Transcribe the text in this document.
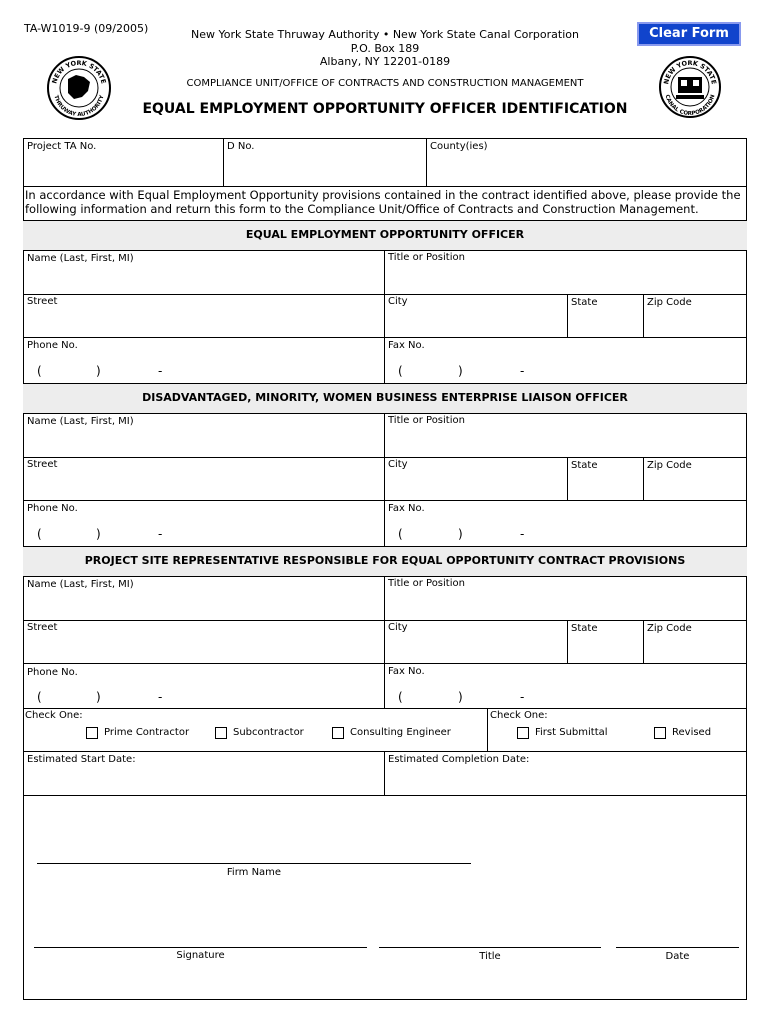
TA-W1019-9 (09/2005)	New York State Thruway Authority • New York State Canal Corporation
P.O. Box 189
Albany, NY 12201-0189
COMPLIANCE UNIT/OFFICE OF CONTRACTS AND CONSTRUCTION MANAGEMENT
EQUAL EMPLOYMENT OPPORTUNITY OFFICER IDENTIFICATION
Clear Form
NEW YORK STATE
THRUWAY AUTHORITY
NEW YORK STATE
CANAL CORPORATION
Project TA No.	D No.	County(ies)
In accordance with Equal Employment Opportunity provisions contained in the contract identified above, please provide the following information and return this form to the Compliance Unit/Office of Contracts and Construction Management.
EQUAL EMPLOYMENT OPPORTUNITY OFFICER
Name (Last, First, MI)	Title or Position
Street	City	State	Zip Code
Phone No.	Fax No.
(	)	-	(	)	-
DISADVANTAGED, MINORITY, WOMEN BUSINESS ENTERPRISE LIAISON OFFICER
Name (Last, First, MI)	Title or Position
Street	City	State	Zip Code
Phone No.	Fax No.
(	)	-	(	)	-
PROJECT SITE REPRESENTATIVE RESPONSIBLE FOR EQUAL OPPORTUNITY CONTRACT PROVISIONS
Name (Last, First, MI)	Title or Position
Street	City	State	Zip Code
Phone No.	Fax No.
(	)	-	(	)	-
Check One:	Check One:
Prime Contractor	Subcontractor	Consulting Engineer	First Submittal	Revised
Estimated Start Date:	Estimated Completion Date:
Firm Name
Signature	Title	Date
